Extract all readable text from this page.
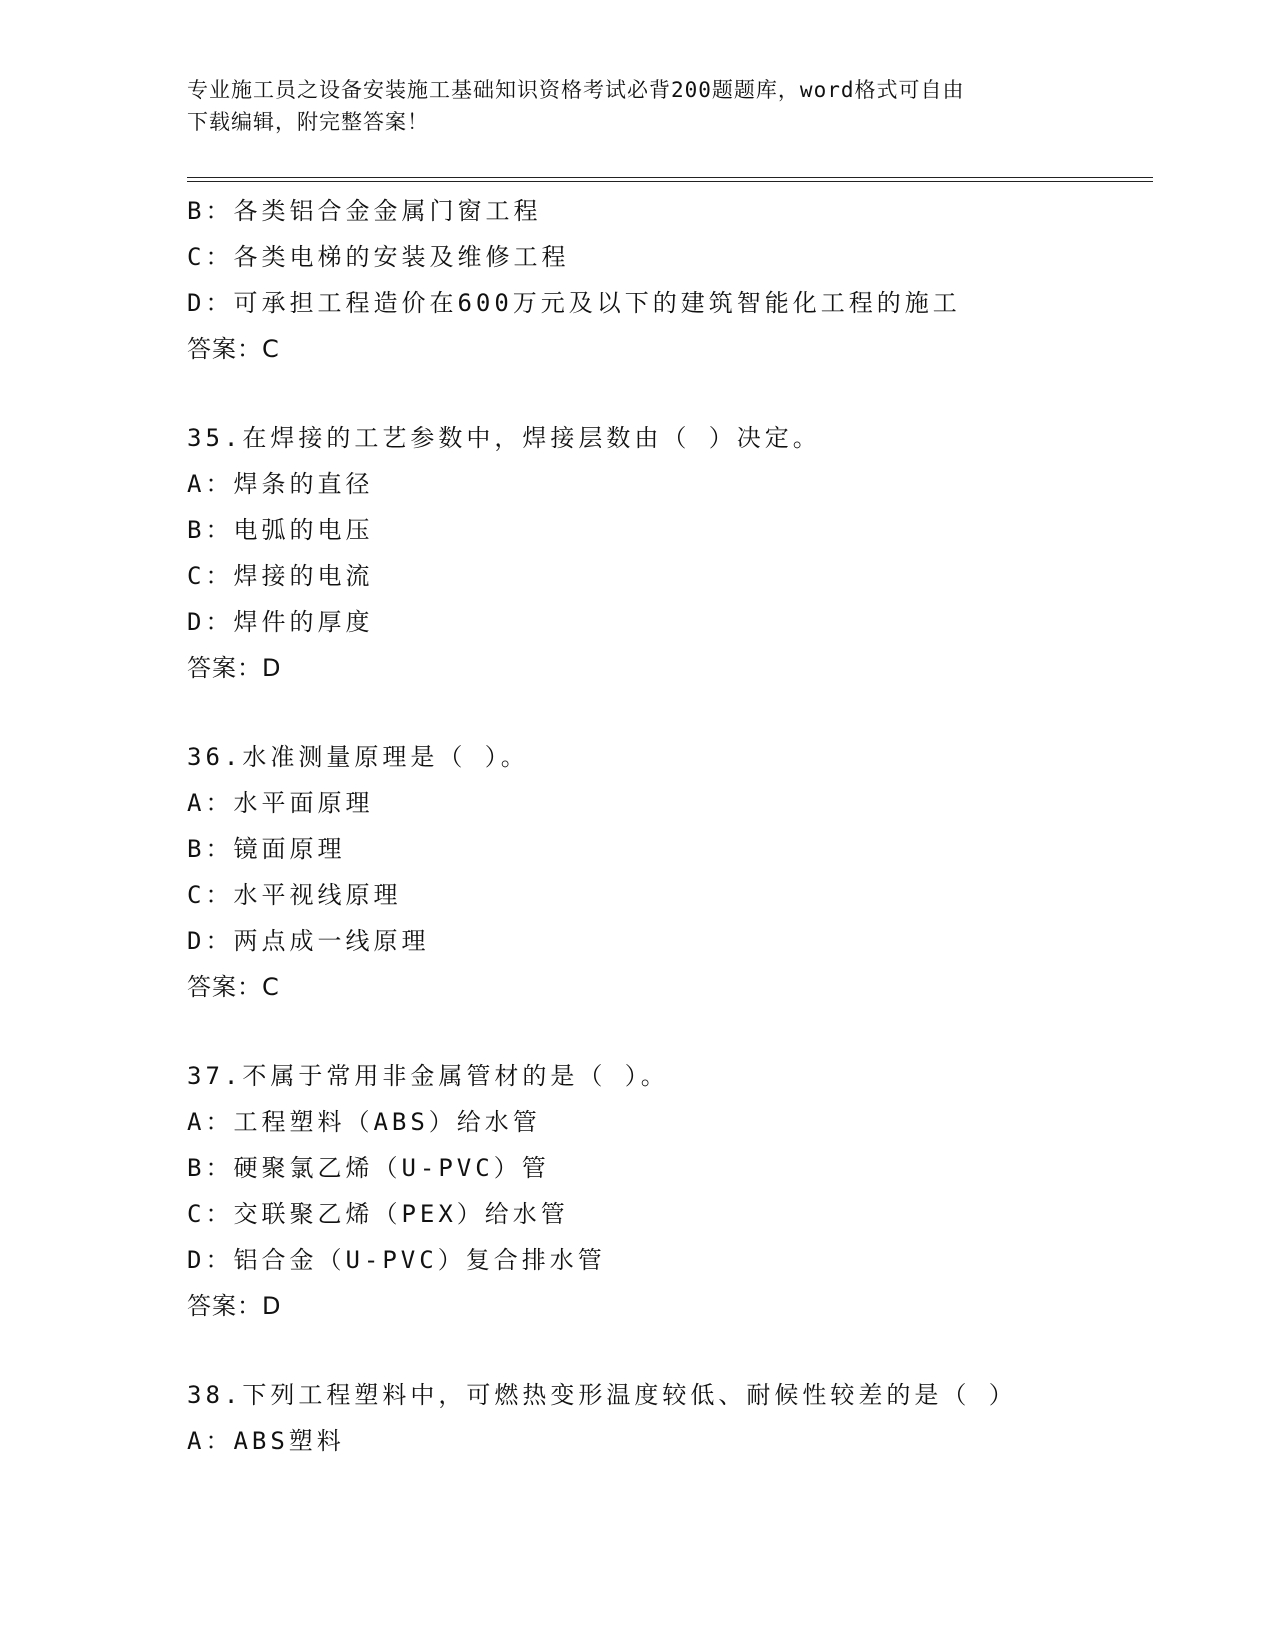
专业施工员之设备安装施工基础知识资格考试必背200题题库，word格式可自由
下载编辑，附完整答案！
B：各类铝合金金属门窗工程
C：各类电梯的安装及维修工程
D：可承担工程造价在600万元及以下的建筑智能化工程的施工
答案：C
35.在焊接的工艺参数中，焊接层数由（ ）决定。
A：焊条的直径
B：电弧的电压
C：焊接的电流
D：焊件的厚度
答案：D
36.水准测量原理是（ ）。
A：水平面原理
B：镜面原理
C：水平视线原理
D：两点成一线原理
答案：C
37.不属于常用非金属管材的是（ ）。
A：工程塑料（ABS）给水管
B：硬聚氯乙烯（U-PVC）管
C：交联聚乙烯（PEX）给水管
D：铝合金（U-PVC）复合排水管
答案：D
38.下列工程塑料中，可燃热变形温度较低、耐候性较差的是（ ）
A：ABS塑料
